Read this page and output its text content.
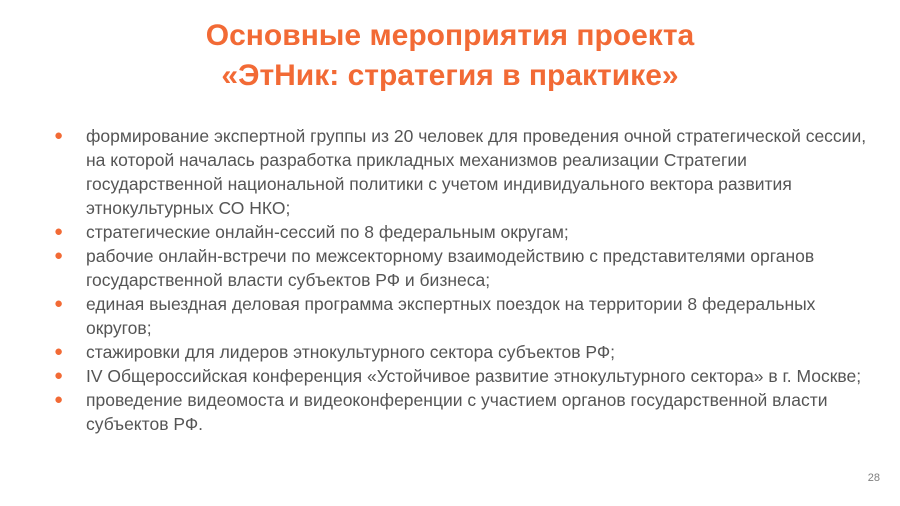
Основные мероприятия проекта
«ЭтНик: стратегия в практике»
● формирование экспертной группы из 20 человек для проведения очной стратегической сессии, на которой началась разработка прикладных механизмов реализации Стратегии государственной национальной политики с учетом индивидуального вектора развития этнокультурных СО НКО;
● стратегические онлайн-сессий по 8 федеральным округам;
● рабочие онлайн-встречи по межсекторному взаимодействию с представителями органов государственной власти субъектов РФ и бизнеса;
● единая выездная деловая программа экспертных поездок на территории 8 федеральных округов;
● стажировки для лидеров этнокультурного сектора субъектов РФ;
● IV Общероссийская конференция «Устойчивое развитие этнокультурного сектора» в г. Москве;
● проведение видеомоста и видеоконференции с участием органов государственной власти субъектов РФ.
28
